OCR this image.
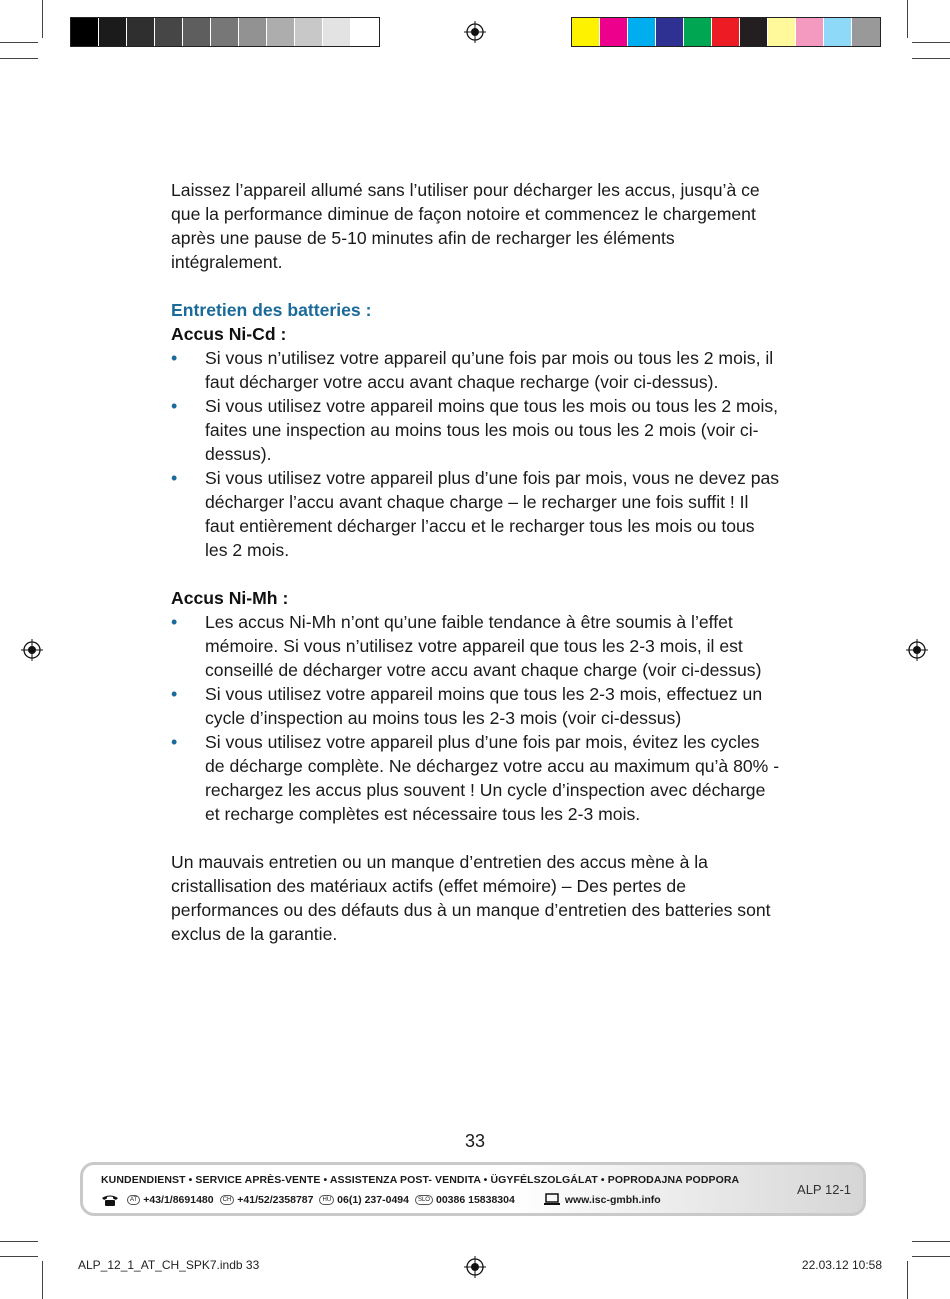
Laissez l’appareil allumé sans l’utiliser pour décharger les accus, jusqu’à ce que la performance diminue de façon notoire et commencez le chargement après une pause de 5-10 minutes afin de recharger les éléments intégralement.

Entretien des batteries :

Accus Ni-Cd :

• Si vous n’utilisez votre appareil qu’une fois par mois ou tous les 2 mois, il faut décharger votre accu avant chaque recharge (voir ci-dessus).
• Si vous utilisez votre appareil moins que tous les mois ou tous les 2 mois, faites une inspection au moins tous les mois ou tous les 2 mois (voir ci-dessus).
• Si vous utilisez votre appareil plus d’une fois par mois, vous ne devez pas décharger l’accu avant chaque charge – le recharger une fois suffit ! Il faut entièrement décharger l’accu et le recharger tous les mois ou tous les 2 mois.

Accus Ni-Mh :

• Les accus Ni-Mh n’ont qu’une faible tendance à être soumis à l’effet mémoire. Si vous n’utilisez votre appareil que tous les 2-3 mois, il est conseillé de décharger votre accu avant chaque charge (voir ci-dessus)
• Si vous utilisez votre appareil moins que tous les 2-3 mois, effectuez un cycle d’inspection au moins tous les 2-3 mois (voir ci-dessus)
• Si vous utilisez votre appareil plus d’une fois par mois, évitez les cycles de décharge complète. Ne déchargez votre accu au maximum qu’à 80% - rechargez les accus plus souvent ! Un cycle d’inspection avec décharge et recharge complètes est nécessaire tous les 2-3 mois.

Un mauvais entretien ou un manque d’entretien des accus mène à la cristallisation des matériaux actifs (effet mémoire) – Des pertes de performances ou des défauts dus à un manque d’entretien des batteries sont exclus de la garantie.

33
KUNDENDIENST • SERVICE APRÈS-VENTE • ASSISTENZA POST- VENDITA • ÜGYFÉLSZOLGÁLAT • POPRODAJNA PODPORA
AT +43/1/8691480	CH +41/52/2358787	HU 06(1) 237-0494	SLO 00386 15838304	www.isc-gmbh.info
ALP 12-1
ALP_12_1_AT_CH_SPK7.indb 33	22.03.12 10:58
